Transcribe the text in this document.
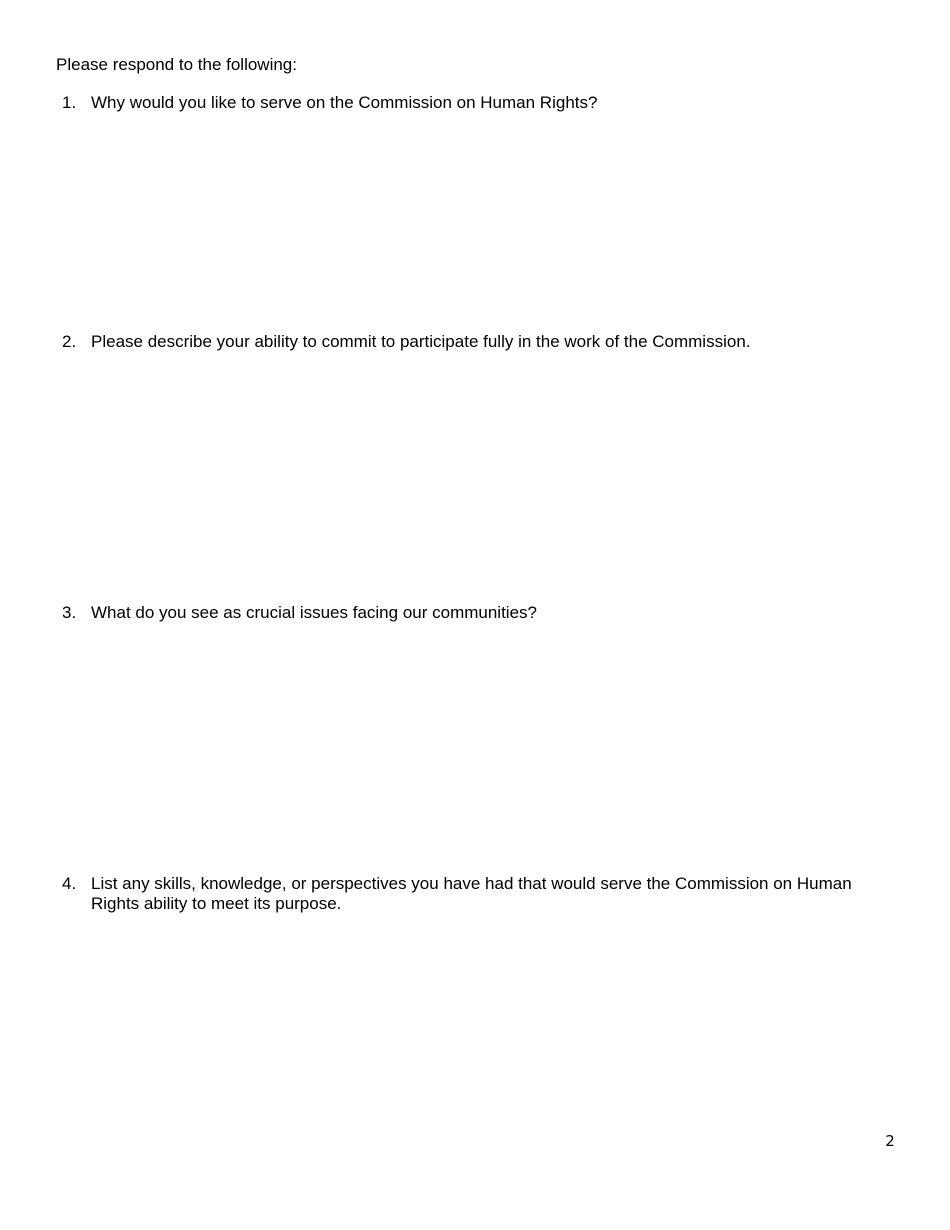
Please respond to the following:
1. Why would you like to serve on the Commission on Human Rights?
2. Please describe your ability to commit to participate fully in the work of the Commission.
3. What do you see as crucial issues facing our communities?
4. List any skills, knowledge, or perspectives you have had that would serve the Commission on Human Rights ability to meet its purpose.
2
